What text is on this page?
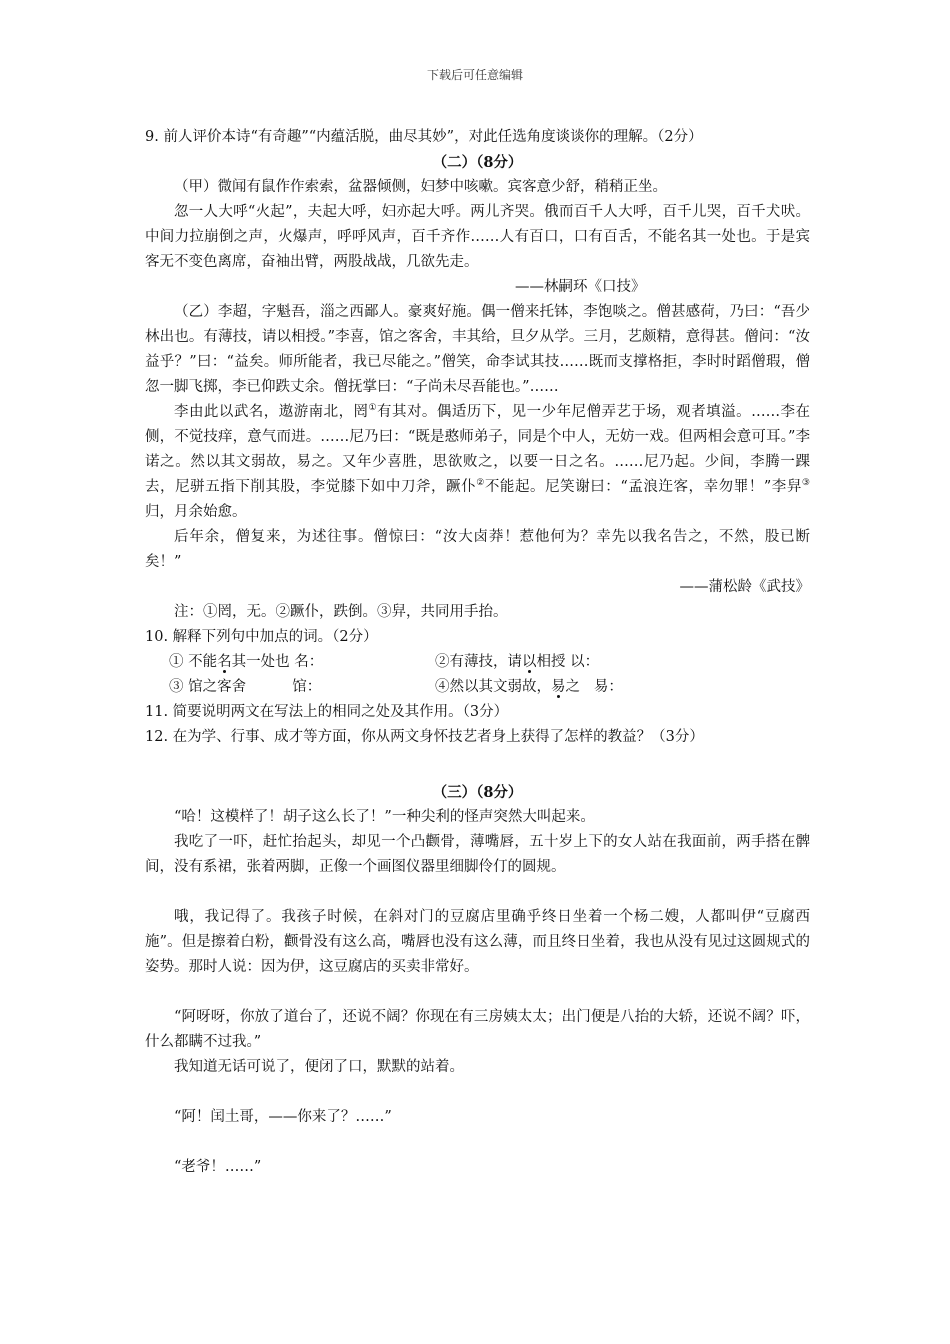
下载后可任意编辑

9. 前人评价本诗“有奇趣”“内蕴活脱，曲尽其妙”，对此任选角度谈谈你的理解。（2分）

（二）（8分）

（甲）微闻有鼠作作索索，盆器倾侧，妇梦中咳嗽。宾客意少舒，稍稍正坐。

忽一人大呼“火起”，夫起大呼，妇亦起大呼。两儿齐哭。俄而百千人大呼，百千儿哭，百千犬吠。中间力拉崩倒之声，火爆声，呼呼风声，百千齐作……人有百口，口有百舌，不能名其一处也。于是宾客无不变色离席，奋袖出臂，两股战战，几欲先走。

——林嗣环《口技》

（乙）李超，字魁吾，淄之西鄙人。豪爽好施。偶一僧来托钵，李饱啖之。僧甚感荷，乃曰：“吾少林出也。有薄技，请以相授。”李喜，馆之客舍，丰其给，旦夕从学。三月，艺颇精，意得甚。僧问：“汝益乎？”曰：“益矣。师所能者，我已尽能之。”僧笑，命李试其技……既而支撑格拒，李时时蹈僧瑕，僧忽一脚飞掷，李已仰跌丈余。僧抚掌曰：“子尚未尽吾能也。”……

李由此以武名，遨游南北，罔①有其对。偶适历下，见一少年尼僧弄艺于场，观者填溢。……李在侧，不觉技痒，意气而进。……尼乃曰：“既是憨师弟子，同是个中人，无妨一戏。但两相会意可耳。”李诺之。然以其文弱故，易之。又年少喜胜，思欲败之，以要一日之名。……尼乃起。少间，李腾一踝去，尼骈五指下削其股，李觉膝下如中刀斧，蹶仆②不能起。尼笑谢曰：“孟浪迕客，幸勿罪！”李舁③归，月余始愈。

后年余，僧复来，为述往事。僧惊曰：“汝大卤莽！惹他何为？幸先以我名告之，不然，股已断矣！”

——蒲松龄《武技》

注：①罔，无。②蹶仆，跌倒。③舁，共同用手抬。

10. 解释下列句中加点的词。（2分）

① 不能名其一处也 名：	②有薄技，请以相授 以：
③ 馆之客舍          馆：	④然以其文弱故，易之   易：

11. 简要说明两文在写法上的相同之处及其作用。（3分）

12. 在为学、行事、成才等方面，你从两文身怀技艺者身上获得了怎样的教益？（3分）

（三）（8分）

“哈！这模样了！胡子这么长了！”一种尖利的怪声突然大叫起来。

我吃了一吓，赶忙抬起头，却见一个凸颧骨，薄嘴唇，五十岁上下的女人站在我面前，两手搭在髀间，没有系裙，张着两脚，正像一个画图仪器里细脚伶仃的圆规。

哦，我记得了。我孩子时候，在斜对门的豆腐店里确乎终日坐着一个杨二嫂，人都叫伊“豆腐西施”。但是擦着白粉，颧骨没有这么高，嘴唇也没有这么薄，而且终日坐着，我也从没有见过这圆规式的姿势。那时人说：因为伊，这豆腐店的买卖非常好。

“阿呀呀，你放了道台了，还说不阔？你现在有三房姨太太；出门便是八抬的大轿，还说不阔？吓，什么都瞒不过我。”

我知道无话可说了，便闭了口，默默的站着。

“阿！闰土哥，——你来了？……”

“老爷！……”
